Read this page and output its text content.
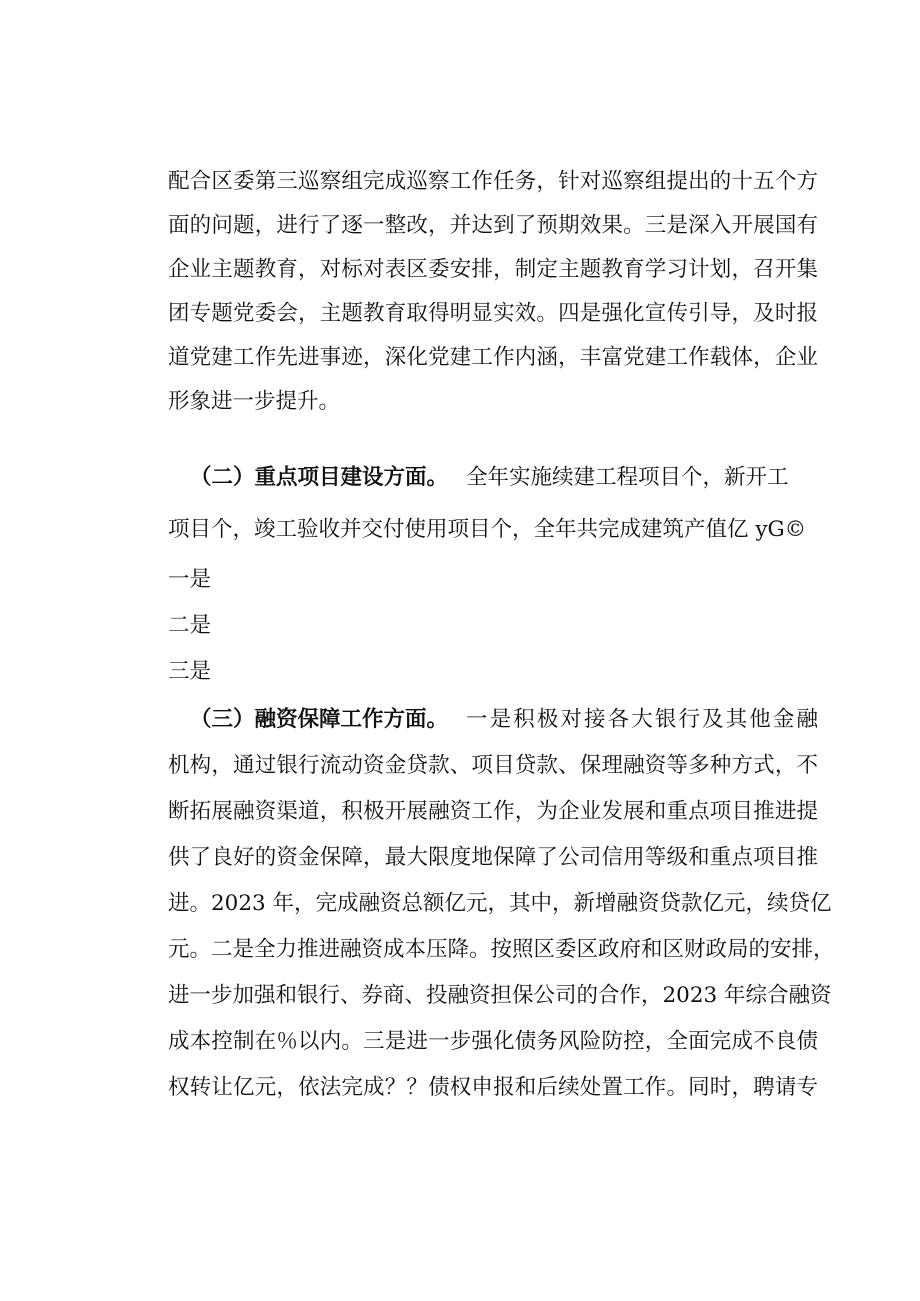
配合区委第三巡察组完成巡察工作任务，针对巡察组提出的十五个方
面的问题，进行了逐一整改，并达到了预期效果。三是深入开展国有
企业主题教育，对标对表区委安排，制定主题教育学习计划，召开集
团专题党委会，主题教育取得明显实效。四是强化宣传引导，及时报
道党建工作先进事迹，深化党建工作内涵，丰富党建工作载体，企业
形象进一步提升。
（二）重点项目建设方面。 全年实施续建工程项目个，新开工
项目个，竣工验收并交付使用项目个，全年共完成建筑产值亿 yG©
一是
二是
三是
（三）融资保障工作方面。 一是积极对接各大银行及其他金融
机构，通过银行流动资金贷款、项目贷款、保理融资等多种方式，不
断拓展融资渠道，积极开展融资工作，为企业发展和重点项目推进提
供了良好的资金保障，最大限度地保障了公司信用等级和重点项目推
进。2023 年，完成融资总额亿元，其中，新增融资贷款亿元，续贷亿
元。二是全力推进融资成本压降。按照区委区政府和区财政局的安排，
进一步加强和银行、券商、投融资担保公司的合作，2023 年综合融资
成本控制在％以内。三是进一步强化债务风险防控，全面完成不良债
权转让亿元，依法完成？？债权申报和后续处置工作。同时，聘请专
